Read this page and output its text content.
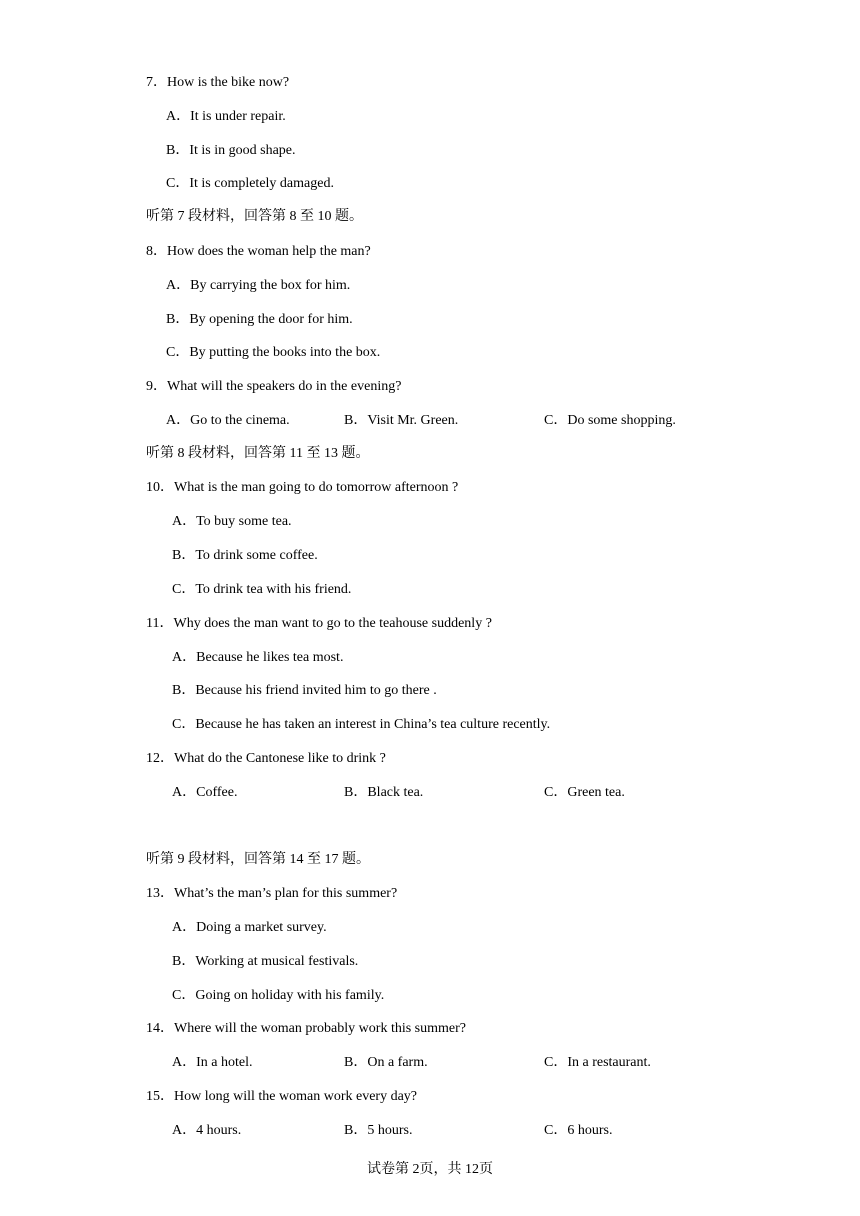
7．How is the bike now?
A．It is under repair.
B．It is in good shape.
C．It is completely damaged.
听第 7 段材料，回答第 8 至 10 题。
8．How does the woman help the man?
A．By carrying the box for him.
B．By opening the door for him.
C．By putting the books into the box.
9．What will the speakers do in the evening?
A．Go to the cinema.	B．Visit Mr. Green.	C．Do some shopping.
听第 8 段材料，回答第 11 至 13 题。
10．What is the man going to do tomorrow afternoon ?
A．To buy some tea.
B．To drink some coffee.
C．To drink tea with his friend.
11．Why does the man want to go to the teahouse suddenly ?
A．Because he likes tea most.
B．Because his friend invited him to go there .
C．Because he has taken an interest in China’s tea culture recently.
12．What do the Cantonese like to drink ?
A．Coffee.	B．Black tea.	C．Green tea.
听第 9 段材料，回答第 14 至 17 题。
13．What’s the man’s plan for this summer?
A．Doing a market survey.
B．Working at musical festivals.
C．Going on holiday with his family.
14．Where will the woman probably work this summer?
A．In a hotel.	B．On a farm.	C．In a restaurant.
15．How long will the woman work every day?
A．4 hours.	B．5 hours.	C．6 hours.
试卷第 2页，共 12页
